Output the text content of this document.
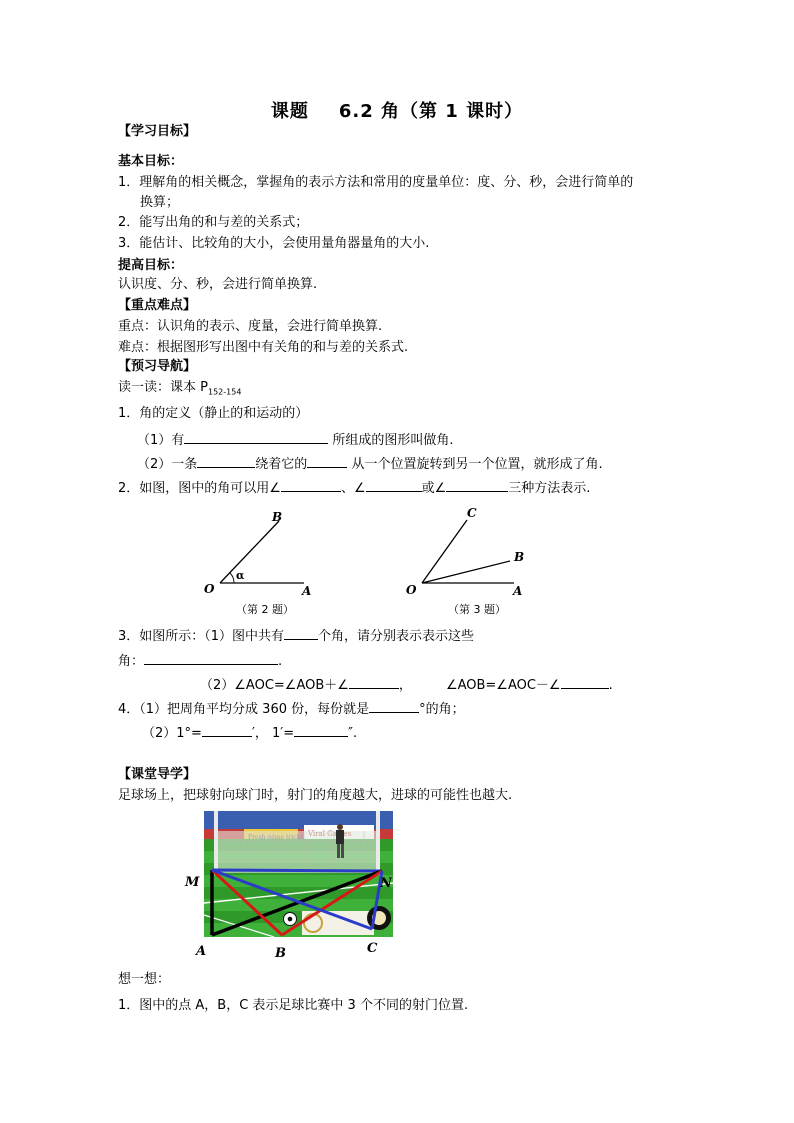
课题 6.2 角（第 1 课时）
【学习目标】
基本目标：
1．理解角的相关概念，掌握角的表示方法和常用的度量单位：度、分、秒，会进行简单的
换算；
2．能写出角的和与差的关系式；
3．能估计、比较角的大小，会使用量角器量角的大小.
提高目标：
认识度、分、秒，会进行简单换算.
【重点难点】
重点：认识角的表示、度量，会进行简单换算.
难点：根据图形写出图中有关角的和与差的关系式.
【预习导航】
读一读：课本 $P_{152-154}$
1．角的定义（静止的和运动的）
（1）有	所组成的图形叫做角.
（2）一条	绕着它的	从一个位置旋转到另一个位置，就形成了角.
2．如图，图中的角可以用∠	、∠	或∠	三种方法表示.
O	A
B
α
（第 2 题）
O	A
B
C
（第 3 题）
3．如图所示：（1）图中共有	个角，请分别表示表示这些
角：	.
（2）∠AOC=∠AOB＋∠	，	∠AOB=∠AOC－∠	.
4．（1）把周角平均分成 360 份，每份就是	°的角；
（2）1°=	′， 1′=	″.
【课堂导学】
足球场上，把球射向球门时，射门的角度越大，进球的可能性也越大.
M	N
A	B	C
想一想：
1．图中的点 A，B，C 表示足球比赛中 3 个不同的射门位置.
